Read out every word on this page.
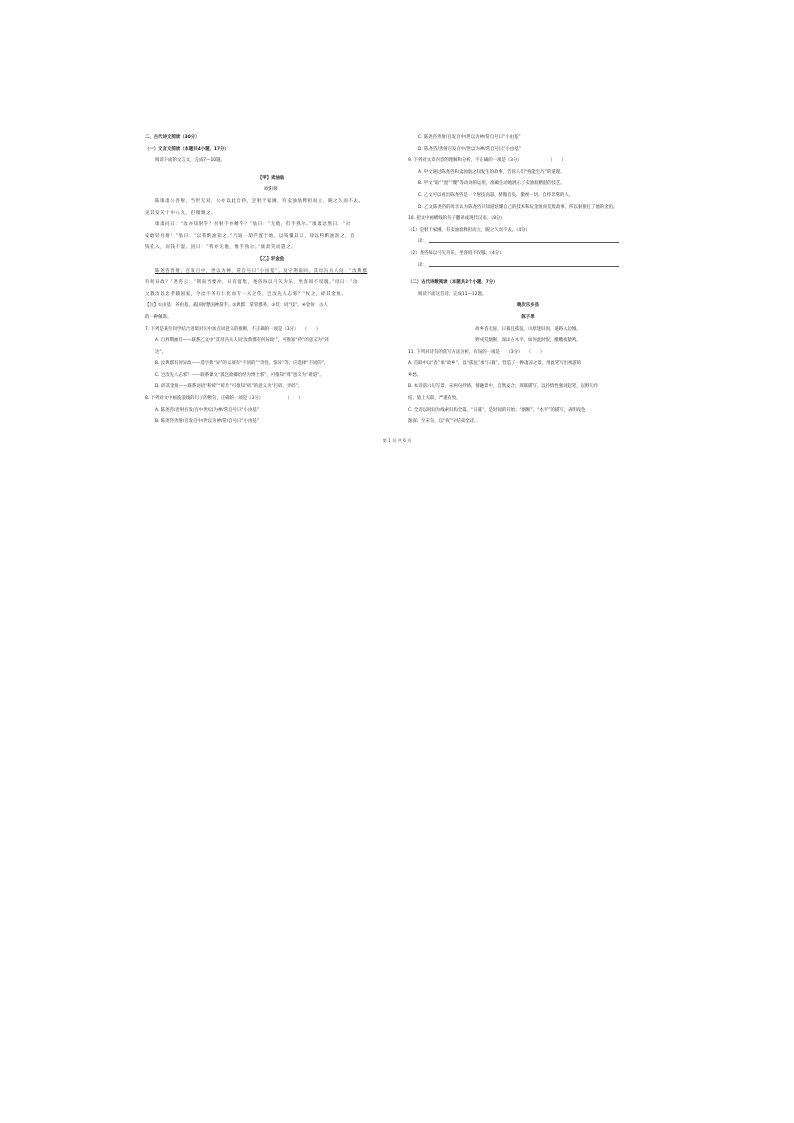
二、古代诗文阅读（30分）
（一）文言文阅读（本题共4小题，17分）
阅读下面的文言文，完成7—10题。
【甲】卖油翁
欧阳修
陈康肃公善射，当世无双，公亦以此自矜。尝射于家圃，有卖油翁释担而立，睨之久而不去。
见其发矢十中八九，但微颔之。
康肃问曰：“汝亦知射乎？吾射不亦精乎？”翁曰：“无他，但手熟尔。”康肃忿然曰：“尔
安敢轻吾射！”翁曰：“以我酌油知之。”乃取一葫芦置于地，以钱覆其口，徐以杓酌油沥之，自
钱孔入，而钱不湿。因曰：“我亦无他，惟手熟尔。”康肃笑而遣之。
【乙】轩金鱼
陈尧咨善射，百发百中，世以为神，常自号曰“小由基”。及守荆南回，其母冯夫人问：“汝典郡
有何异政？”尧咨云：“荆南当要冲，日有宴集，尧咨每以弓矢为乐，坐客罔不叹服。”母曰：“汝
父教汝以忠孝辅国家，今汝不务行仁化而专一夫之伎，岂汝先人志邪？”杖之，碎其金鱼。
【注】①由基：养由基，战国时楚国神箭手。②典郡：掌管郡务。③伎：同“技”。④金鱼：古人
的一种佩饰。
7. 下列是某位同学结合语境对句中加点词意义的推断，不正确的一项是（3分）　　（　　）
A. 自矜期画目——联系乙文中“其母冯夫人问‘汝典郡有何异政’”，可推知“矜”的意义为“到
达”。
B. 汝典郡有何异政——选字典“异”的义项有“不同的”“奇怪，惊异”等，应选择“不同的”。
C. 岂汝先人志邪？——联系课文“孤岂欲卿治经为博士邪”，可推知“邪”意义为“难道”。
D. 碎其金鱼——联系词语“粉碎”“碎片”可推知“碎”的意义为“打碎，弄碎”。
8. 下列对文中画波浪线的句子的断句，正确的一项是（3分）　　　　　　（　　）
A. 陈尧咨/善射百发/百中世/以为神/常自号曰“小由基”
B. 陈尧咨善射/百发百中/世以为神/常/自号曰“小由基”
C. 陈尧咨善射/百发百中/世以为神/常自号曰“小由基”
D. 陈尧咨/善射百发百中/世以为神/常自号曰“小由基”
9. 下列对文章内容的理解和分析，不正确的一项是（3分）　　　　　　　（　　）
A. 甲文通过陈尧咨和卖油翁之间发生的故事，告诉人们“熟能生巧”的道理。
B. 甲文“取”“置”“覆”等动词的运用，准确生动地展示了卖油翁精湛的技艺。
C. 乙文可以看出陈尧咨是一个射技高超、骄傲自负、傲视一切、自恃非常的人。
D. 乙文陈尧咨的母亲认为陈尧咨只知道炫耀自己的技术和玩金鱼而荒废政事，所以狠狠打了他的金鱼。
10. 把文中画横线的句子翻译成现代汉语。（8分）
（1）尝射于家圃，有卖油翁释担而立，睨之久而不去。（4分）
译：
（2）尧咨每以弓矢为乐，坐客罔不叹服。（4分）
译：
（二）古代诗歌阅读（本题共2个小题，7分）
阅读下面这首诗，完成11—12题。
晚次乐乡县
陈子昂
故乡杳无际，日暮且孤征。川原迷旧国，道路入边城。
野戍荒烟断，深山古木平。如何此时恨，噭噭夜猿鸣。
11. 下列对诗句的赏写方法分析，有误的一项是　　（3分）　　（　　）
A. 首联中以“杳”承“故乡”，以“孤征”承“日暮”，营造了一种凄凉之景，用此笔写出视游的
乡愁。
B. 本诗前六句写景，末两句抒情，情融景中，自然妥合；颈联描写，以抒情性强词起笔，以野句作
结，旅上夫联，严谨有致。
C. 全诗以时间为线索归构全篇。“日暮”，是时间的开始；“烟断”、“木平”的描写，表明夜色
渐深；至末句，以“夜”字结束全诗。
第 1 页 共 6 页
